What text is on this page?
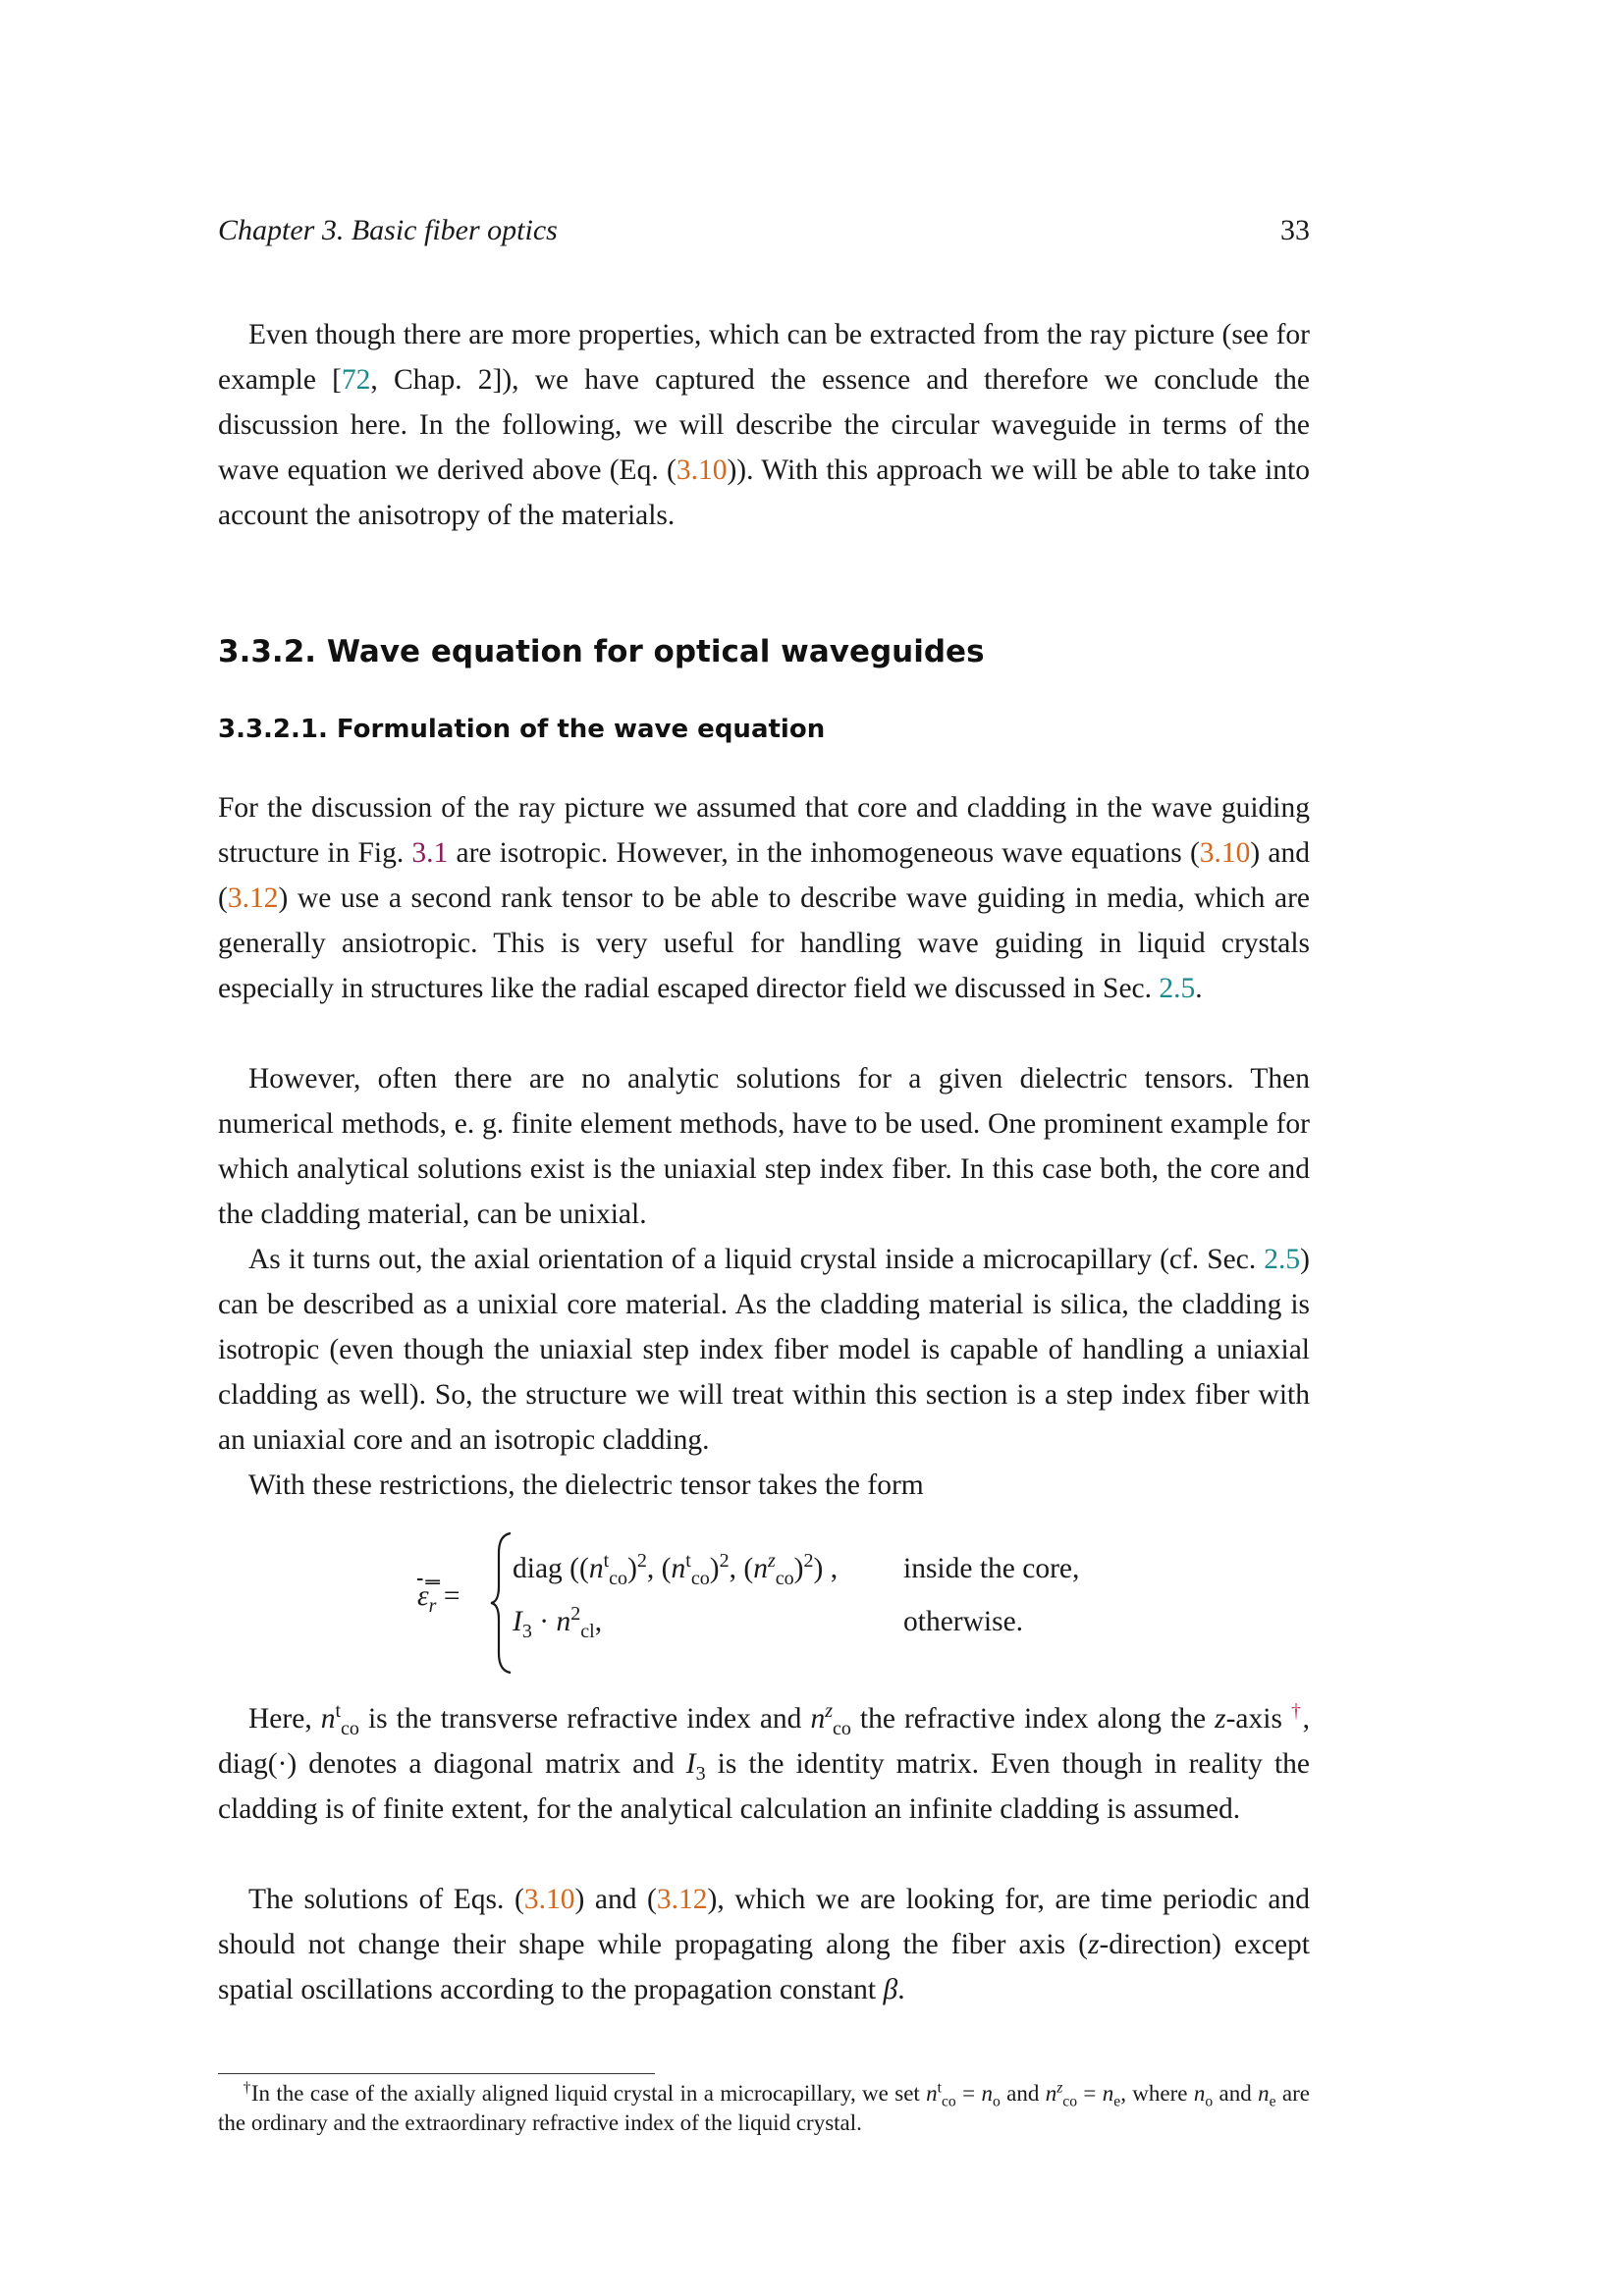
Chapter 3. Basic fiber optics	33

Even though there are more properties, which can be extracted from the ray picture (see for example [72, Chap. 2]), we have captured the essence and therefore we conclude the discussion here. In the following, we will describe the circular waveguide in terms of the wave equation we derived above (Eq. (3.10)). With this approach we will be able to take into account the anisotropy of the materials.

3.3.2. Wave equation for optical waveguides
3.3.2.1. Formulation of the wave equation

For the discussion of the ray picture we assumed that core and cladding in the wave guiding structure in Fig. 3.1 are isotropic. However, in the inhomogeneous wave equations (3.10) and (3.12) we use a second rank tensor to be able to describe wave guiding in media, which are generally ansiotropic. This is very useful for handling wave guiding in liquid crystals especially in structures like the radial escaped director field we discussed in Sec. 2.5.

However, often there are no analytic solutions for a given dielectric tensors. Then numerical methods, e. g. finite element methods, have to be used. One prominent example for which analytical solutions exist is the uniaxial step index fiber. In this case both, the core and the cladding material, can be unixial.

As it turns out, the axial orientation of a liquid crystal inside a microcapillary (cf. Sec. 2.5) can be described as a unixial core material. As the cladding material is silica, the cladding is isotropic (even though the uniaxial step index fiber model is capable of handling a uniaxial cladding as well). So, the structure we will treat within this section is a step index fiber with an uniaxial core and an isotropic cladding.

With these restrictions, the dielectric tensor takes the form

$\varepsilon̿_r$ =
diag ($(n^t_{co})^2$, $(n^t_{co})^2$, $(n^z_{co})^2$) ,
$I_3 \cdot n^2_{cl}$,
inside the core,
otherwise.

Here, $n^t_{co}$ is the transverse refractive index and $n^z_{co}$ the refractive index along the z-axis †, diag(·) denotes a diagonal matrix and $I_3$ is the identity matrix. Even though in reality the cladding is of finite extent, for the analytical calculation an infinite cladding is assumed.

The solutions of Eqs. (3.10) and (3.12), which we are looking for, are time periodic and should not change their shape while propagating along the fiber axis (z-direction) except spatial oscillations according to the propagation constant β.

†In the case of the axially aligned liquid crystal in a microcapillary, we set $n^t_{co} = n_o$ and $n^z_{co} = n_e$, where $n_o$ and $n_e$ are the ordinary and the extraordinary refractive index of the liquid crystal.
